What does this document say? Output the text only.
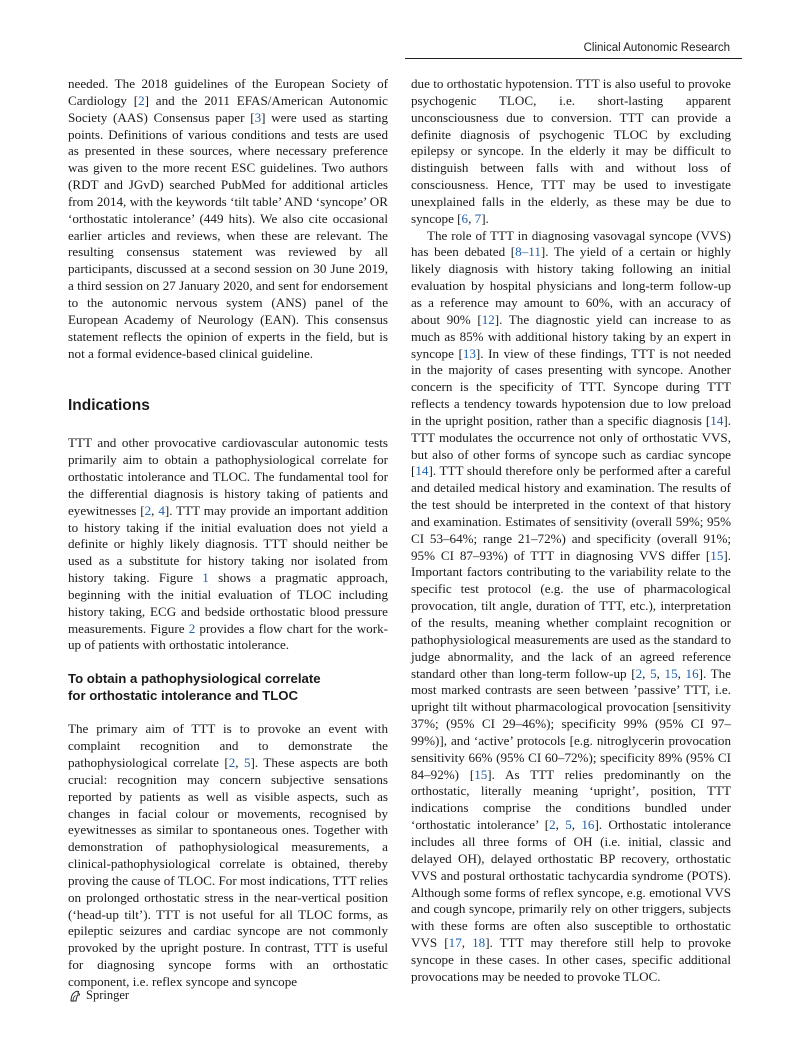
Clinical Autonomic Research

needed. The 2018 guidelines of the European Society of Cardiology [2] and the 2011 EFAS/American Autonomic Society (AAS) Consensus paper [3] were used as starting points. Definitions of various conditions and tests are used as presented in these sources, where necessary preference was given to the more recent ESC guidelines. Two authors (RDT and JGvD) searched PubMed for additional articles from 2014, with the keywords ‘tilt table’ AND ‘syncope’ OR ‘orthostatic intolerance’ (449 hits). We also cite occasional earlier articles and reviews, when these are relevant. The resulting consensus statement was reviewed by all participants, discussed at a second session on 30 June 2019, a third session on 27 January 2020, and sent for endorsement to the autonomic nervous system (ANS) panel of the European Academy of Neurology (EAN). This consensus statement reflects the opinion of experts in the field, but is not a formal evidence-based clinical guideline.

Indications

TTT and other provocative cardiovascular autonomic tests primarily aim to obtain a pathophysiological correlate for orthostatic intolerance and TLOC. The fundamental tool for the differential diagnosis is history taking of patients and eyewitnesses [2, 4]. TTT may provide an important addition to history taking if the initial evaluation does not yield a definite or highly likely diagnosis. TTT should neither be used as a substitute for history taking nor isolated from history taking. Figure 1 shows a pragmatic approach, beginning with the initial evaluation of TLOC including history taking, ECG and bedside orthostatic blood pressure measurements. Figure 2 provides a flow chart for the work-up of patients with orthostatic intolerance.

To obtain a pathophysiological correlate
for orthostatic intolerance and TLOC

The primary aim of TTT is to provoke an event with complaint recognition and to demonstrate the pathophysiological correlate [2, 5]. These aspects are both crucial: recognition may concern subjective sensations reported by patients as well as visible aspects, such as changes in facial colour or movements, recognised by eyewitnesses as similar to spontaneous ones. Together with demonstration of pathophysiological measurements, a clinical-pathophysiological correlate is obtained, thereby proving the cause of TLOC. For most indications, TTT relies on prolonged orthostatic stress in the near-vertical position (‘head-up tilt’). TTT is not useful for all TLOC forms, as epileptic seizures and cardiac syncope are not commonly provoked by the upright posture. In contrast, TTT is useful for diagnosing syncope forms with an orthostatic component, i.e. reflex syncope and syncope

due to orthostatic hypotension. TTT is also useful to provoke psychogenic TLOC, i.e. short-lasting apparent unconsciousness due to conversion. TTT can provide a definite diagnosis of psychogenic TLOC by excluding epilepsy or syncope. In the elderly it may be difficult to distinguish between falls with and without loss of consciousness. Hence, TTT may be used to investigate unexplained falls in the elderly, as these may be due to syncope [6, 7].

The role of TTT in diagnosing vasovagal syncope (VVS) has been debated [8–11]. The yield of a certain or highly likely diagnosis with history taking following an initial evaluation by hospital physicians and long-term follow-up as a reference may amount to 60%, with an accuracy of about 90% [12]. The diagnostic yield can increase to as much as 85% with additional history taking by an expert in syncope [13]. In view of these findings, TTT is not needed in the majority of cases presenting with syncope. Another concern is the specificity of TTT. Syncope during TTT reflects a tendency towards hypotension due to low preload in the upright position, rather than a specific diagnosis [14]. TTT modulates the occurrence not only of orthostatic VVS, but also of other forms of syncope such as cardiac syncope [14]. TTT should therefore only be performed after a careful and detailed medical history and examination. The results of the test should be interpreted in the context of that history and examination. Estimates of sensitivity (overall 59%; 95% CI 53–64%; range 21–72%) and specificity (overall 91%; 95% CI 87–93%) of TTT in diagnosing VVS differ [15]. Important factors contributing to the variability relate to the specific test protocol (e.g. the use of pharmacological provocation, tilt angle, duration of TTT, etc.), interpretation of the results, meaning whether complaint recognition or pathophysiological measurements are used as the standard to judge abnormality, and the lack of an agreed reference standard other than long-term follow-up [2, 5, 15, 16]. The most marked contrasts are seen between ’passive’ TTT, i.e. upright tilt without pharmacological provocation [sensitivity 37%; (95% CI 29–46%); specificity 99% (95% CI 97–99%)], and ‘active’ protocols [e.g. nitroglycerin provocation sensitivity 66% (95% CI 60–72%); specificity 89% (95% CI 84–92%) [15]. As TTT relies predominantly on the orthostatic, literally meaning ‘upright’, position, TTT indications comprise the conditions bundled under ‘orthostatic intolerance’ [2, 5, 16]. Orthostatic intolerance includes all three forms of OH (i.e. initial, classic and delayed OH), delayed orthostatic BP recovery, orthostatic VVS and postural orthostatic tachycardia syndrome (POTS). Although some forms of reflex syncope, e.g. emotional VVS and cough syncope, primarily rely on other triggers, subjects with these forms are often also susceptible to orthostatic VVS [17, 18]. TTT may therefore still help to provoke syncope in these cases. In other cases, specific additional provocations may be needed to provoke TLOC.

Springer
